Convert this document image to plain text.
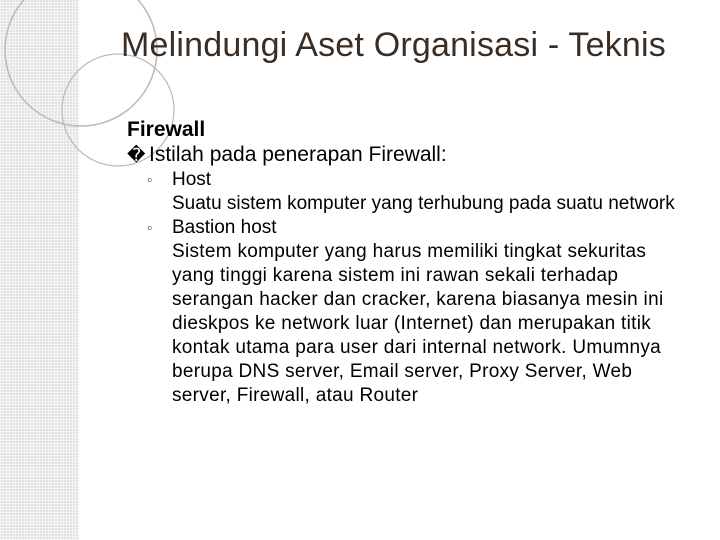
Melindungi Aset Organisasi - Teknis
Firewall
� Istilah pada penerapan Firewall:
◦ Host
Suatu sistem komputer yang terhubung pada suatu network
◦ Bastion host
Sistem komputer yang harus memiliki tingkat sekuritas yang tinggi karena sistem ini rawan sekali terhadap serangan hacker dan cracker, karena biasanya mesin ini dieskpos ke network luar (Internet) dan merupakan titik kontak utama para user dari internal network. Umumnya berupa DNS server, Email server, Proxy Server, Web server, Firewall, atau Router
